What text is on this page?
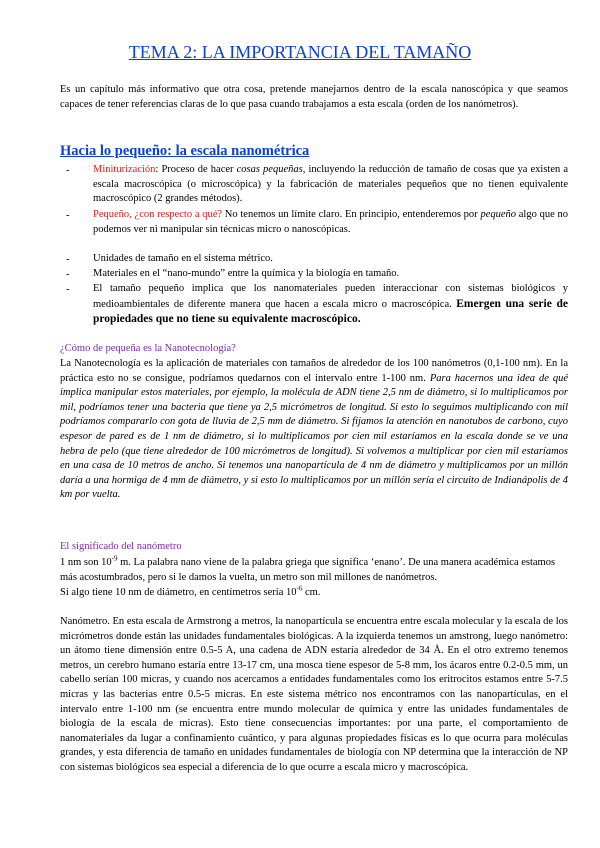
TEMA 2: LA IMPORTANCIA DEL TAMAÑO
Es un capítulo más informativo que otra cosa, pretende manejarnos dentro de la escala nanoscópica y que seamos capaces de tener referencias claras de lo que pasa cuando trabajamos a esta escala (orden de los nanómetros).
Hacia lo pequeño: la escala nanométrica
-	Miniturización: Proceso de hacer cosas pequeñas, incluyendo la reducción de tamaño de cosas que ya existen a escala macroscópica (o microscópica) y la fabricación de materiales pequeños que no tienen equivalente macroscópico (2 grandes métodos).
-	Pequeño, ¿con respecto a qué? No tenemos un límite claro. En principio, entenderemos por pequeño algo que no podemos ver ni manipular sin técnicas micro o nanoscópicas.
-	Unidades de tamaño en el sistema métrico.
-	Materiales en el “nano-mundo” entre la química y la biología en tamaño.
-	El tamaño pequeño implica que los nanomateriales pueden interaccionar con sistemas biológicos y medioambientales de diferente manera que hacen a escala micro o macroscópica. Emergen una serie de propiedades que no tiene su equivalente macroscópico.
¿Cómo de pequeña es la Nanotecnología?
La Nanotecnología es la aplicación de materiales con tamaños de alrededor de los 100 nanómetros (0,1-100 nm). En la práctica esto no se consigue, podríamos quedarnos con el intervalo entre 1-100 nm. Para hacernos una idea de qué implica manipular estos materiales, por ejemplo, la molécula de ADN tiene 2,5 nm de diámetro, si lo multiplicamos por mil, podríamos tener una bacteria que tiene ya 2,5 micrómetros de longitud. Si esto lo seguimos multiplicando con mil podríamos compararlo con gota de lluvia de 2,5 mm de diámetro. Si fijamos la atención en nanotubos de carbono, cuyo espesor de pared es de 1 nm de diámetro, si lo multiplicamos por cien mil estaríamos en la escala donde se ve una hebra de pelo (que tiene alrededor de 100 micrómetros de longitud). Si volvemos a multiplicar por cien mil estaríamos en una casa de 10 metros de ancho. Si tenemos una nanopartícula de 4 nm de diámetro y multiplicamos por un millón daría a una hormiga de 4 mm de diámetro, y si esto lo multiplicamos por un millón sería el circuito de Indianápolis de 4 km por vuelta.
El significado del nanómetro
1 nm son $10^{-9}$ m. La palabra nano viene de la palabra griega que significa ‘enano’. De una manera académica estamos más acostumbrados, pero si le damos la vuelta, un metro son mil millones de nanómetros.
Si algo tiene 10 nm de diámetro, en centímetros sería $10^{-6}$ cm.
Nanómetro. En esta escala de Armstrong a metros, la nanopartícula se encuentra entre escala molecular y la escala de los micrómetros donde están las unidades fundamentales biológicas. A la izquierda tenemos un amstrong, luego nanómetro: un átomo tiene dimensión entre 0.5-5 A, una cadena de ADN estaría alrededor de 34 Å. En el otro extremo tenemos metros, un cerebro humano estaría entre 13-17 cm, una mosca tiene espesor de 5-8 mm, los ácaros entre 0.2-0.5 mm, un cabello serían 100 micras, y cuando nos acercamos a entidades fundamentales como los eritrocitos estamos entre 5-7.5 micras y las bacterias entre 0.5-5 micras. En este sistema métrico nos encontramos con las nanopartículas, en el intervalo entre 1-100 nm (se encuentra entre mundo molecular de química y entre las unidades fundamentales de biología de la escala de micras). Esto tiene consecuencias importantes: por una parte, el comportamiento de nanomateriales da lugar a confinamiento cuántico, y para algunas propiedades físicas es lo que ocurra para moléculas grandes, y esta diferencia de tamaño en unidades fundamentales de biología con NP determina que la interacción de NP con sistemas biológicos sea especial a diferencia de lo que ocurre a escala micro y macroscópica.
